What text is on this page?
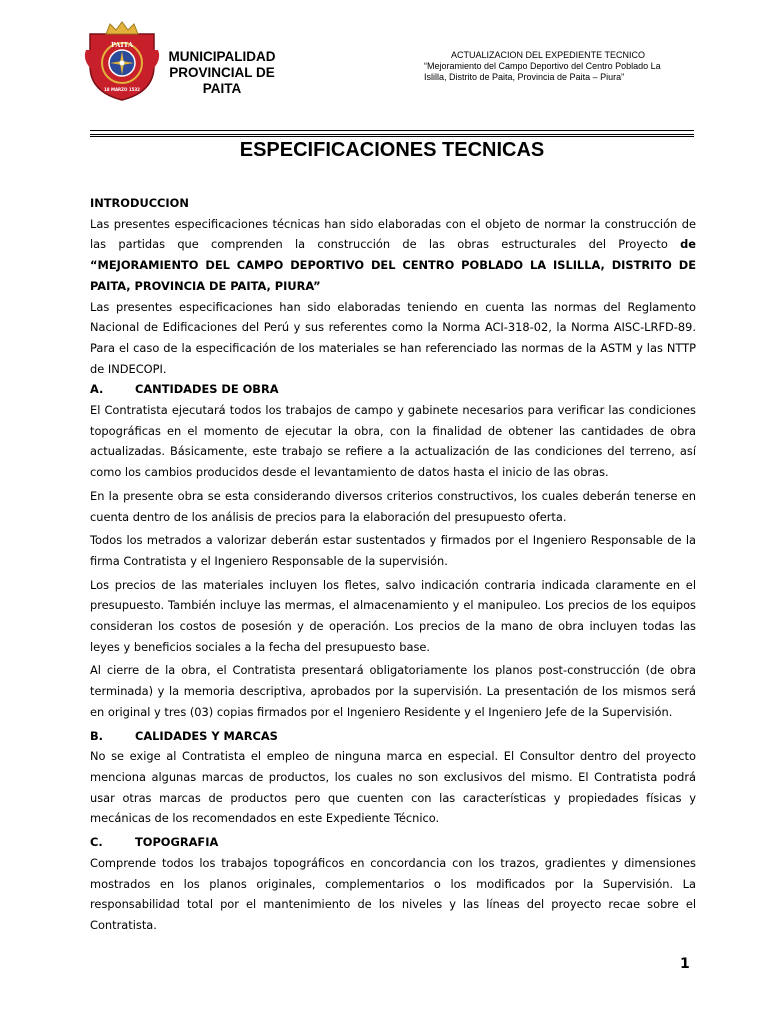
PAITA
18 MARZO 1532
MUNICIPALIDAD
PROVINCIAL DE
PAITA
ACTUALIZACION DEL EXPEDIENTE TECNICO
“Mejoramiento del Campo Deportivo del Centro Poblado La
Islilla, Distrito de Paita, Provincia de Paita – Piura”
ESPECIFICACIONES TECNICAS

INTRODUCCION

Las presentes especificaciones técnicas han sido elaboradas con el objeto de normar la construcción de las partidas que comprenden la construcción de las obras estructurales del Proyecto de “MEJORAMIENTO DEL CAMPO DEPORTIVO DEL CENTRO POBLADO LA ISLILLA, DISTRITO DE PAITA, PROVINCIA DE PAITA, PIURA”

Las presentes especificaciones han sido elaboradas teniendo en cuenta las normas del Reglamento Nacional de Edificaciones del Perú y sus referentes como la Norma ACI-318-02, la Norma AISC-LRFD-89. Para el caso de la especificación de los materiales se han referenciado las normas de la ASTM y las NTTP de INDECOPI.

A.	CANTIDADES DE OBRA

El Contratista ejecutará todos los trabajos de campo y gabinete necesarios para verificar las condiciones topográficas en el momento de ejecutar la obra, con la finalidad de obtener las cantidades de obra actualizadas. Básicamente, este trabajo se refiere a la actualización de las condiciones del terreno, así como los cambios producidos desde el levantamiento de datos hasta el inicio de las obras.

En la presente obra se esta considerando diversos criterios constructivos, los cuales deberán tenerse en cuenta dentro de los análisis de precios para la elaboración del presupuesto oferta.

Todos los metrados a valorizar deberán estar sustentados y firmados por el Ingeniero Responsable de la firma Contratista y el Ingeniero Responsable de la supervisión.

Los precios de las materiales incluyen los fletes, salvo indicación contraria indicada claramente en el presupuesto. También incluye las mermas, el almacenamiento y el manipuleo. Los precios de los equipos consideran los costos de posesión y de operación. Los precios de la mano de obra incluyen todas las leyes y beneficios sociales a la fecha del presupuesto base.

Al cierre de la obra, el Contratista presentará obligatoriamente los planos post-construcción (de obra terminada) y la memoria descriptiva, aprobados por la supervisión. La presentación de los mismos será en original y tres (03) copias firmados por el Ingeniero Residente y el Ingeniero Jefe de la Supervisión.

B.	CALIDADES Y MARCAS

No se exige al Contratista el empleo de ninguna marca en especial. El Consultor dentro del proyecto menciona algunas marcas de productos, los cuales no son exclusivos del mismo. El Contratista podrá usar otras marcas de productos pero que cuenten con las características y propiedades físicas y mecánicas de los recomendados en este Expediente Técnico.

C.	TOPOGRAFIA

Comprende todos los trabajos topográficos en concordancia con los trazos, gradientes y dimensiones mostrados en los planos originales, complementarios o los modificados por la Supervisión. La responsabilidad total por el mantenimiento de los niveles y las líneas del proyecto recae sobre el Contratista.

1
